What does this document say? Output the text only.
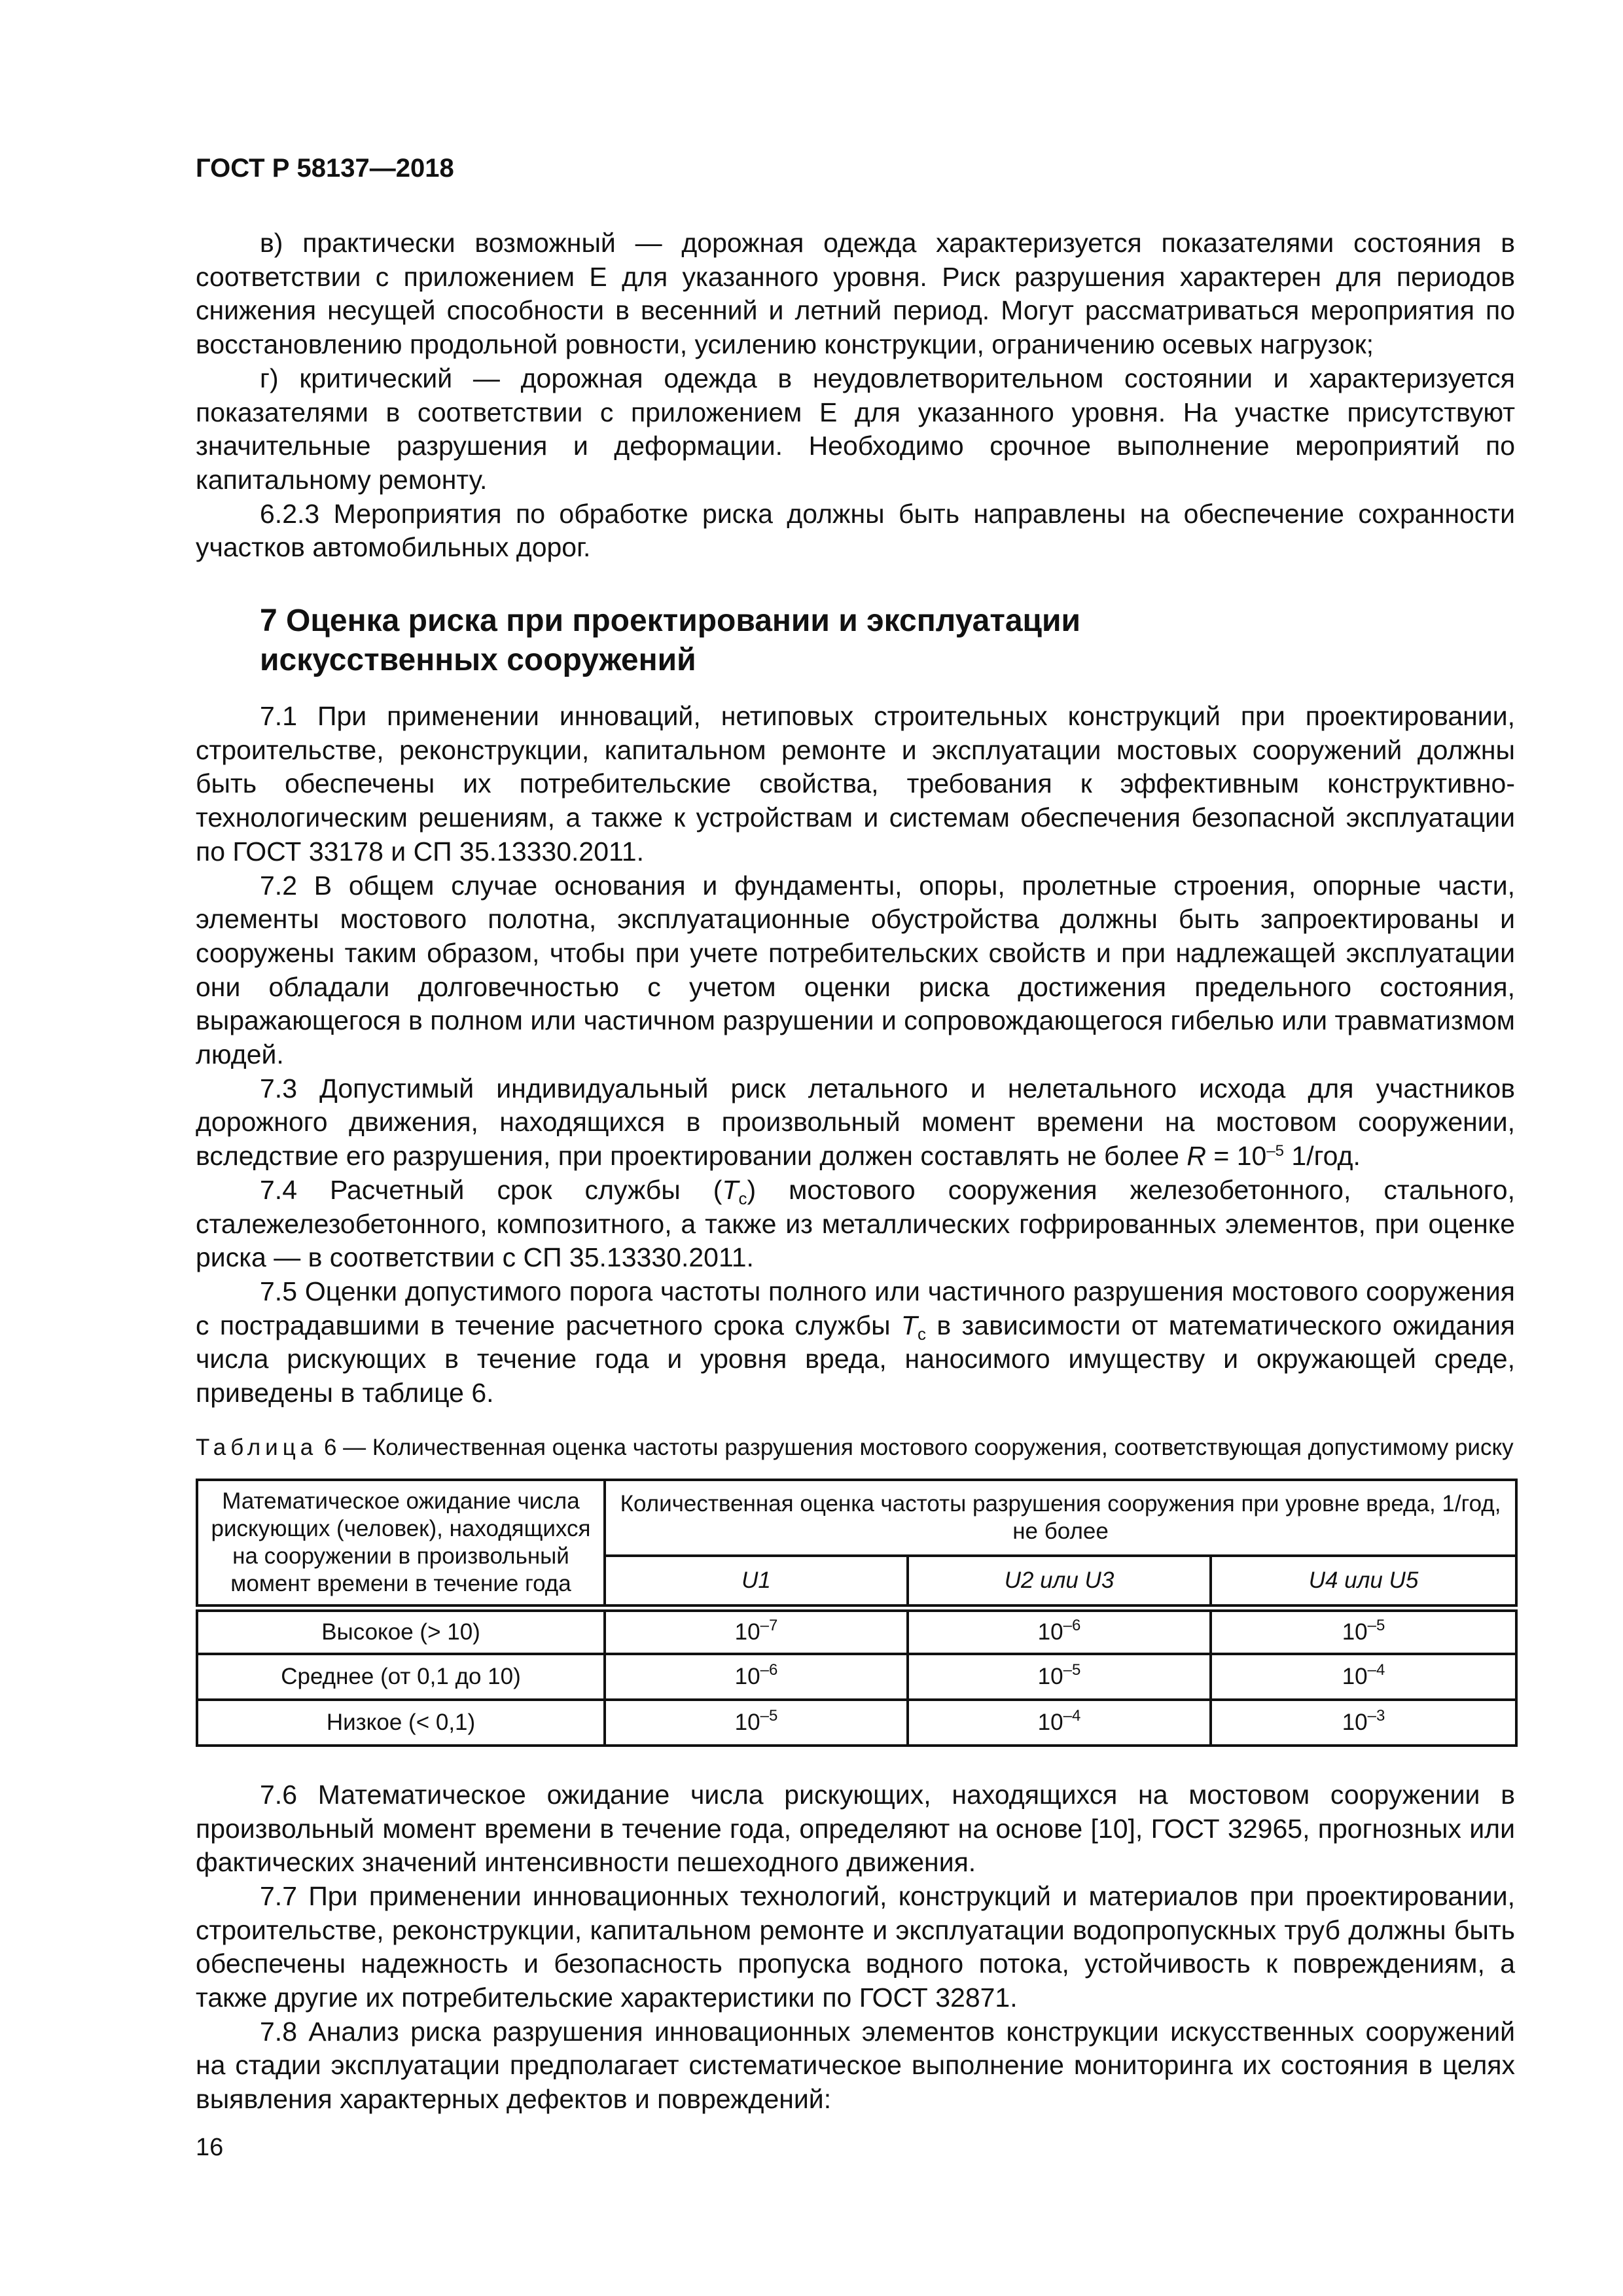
ГОСТ Р 58137—2018

в) практически возможный — дорожная одежда характеризуется показателями состояния в соответствии с приложением Е для указанного уровня. Риск разрушения характерен для периодов снижения несущей способности в весенний и летний период. Могут рассматриваться мероприятия по восстановлению продольной ровности, усилению конструкции, ограничению осевых нагрузок;

г) критический — дорожная одежда в неудовлетворительном состоянии и характеризуется показателями в соответствии с приложением Е для указанного уровня. На участке присутствуют значительные разрушения и деформации. Необходимо срочное выполнение мероприятий по капитальному ремонту.

6.2.3 Мероприятия по обработке риска должны быть направлены на обеспечение сохранности участков автомобильных дорог.

7 Оценка риска при проектировании и эксплуатации
искусственных сооружений

7.1 При применении инноваций, нетиповых строительных конструкций при проектировании, строительстве, реконструкции, капитальном ремонте и эксплуатации мостовых сооружений должны быть обеспечены их потребительские свойства, требования к эффективным конструктивно-технологическим решениям, а также к устройствам и системам обеспечения безопасной эксплуатации по ГОСТ 33178 и СП 35.13330.2011.

7.2 В общем случае основания и фундаменты, опоры, пролетные строения, опорные части, элементы мостового полотна, эксплуатационные обустройства должны быть запроектированы и сооружены таким образом, чтобы при учете потребительских свойств и при надлежащей эксплуатации они обладали долговечностью с учетом оценки риска достижения предельного состояния, выражающегося в полном или частичном разрушении и сопровождающегося гибелью или травматизмом людей.

7.3 Допустимый индивидуальный риск летального и нелетального исхода для участников дорожного движения, находящихся в произвольный момент времени на мостовом сооружении, вследствие его разрушения, при проектировании должен составлять не более $R = 10^{-5}$ 1/год.

7.4 Расчетный срок службы $(T_c)$ мостового сооружения железобетонного, стального, сталежелезобетонного, композитного, а также из металлических гофрированных элементов, при оценке риска — в соответствии с СП 35.13330.2011.

7.5 Оценки допустимого порога частоты полного или частичного разрушения мостового сооружения с пострадавшими в течение расчетного срока службы $T_c$ в зависимости от математического ожидания числа рискующих в течение года и уровня вреда, наносимого имуществу и окружающей среде, приведены в таблице 6.

Таблица 6 — Количественная оценка частоты разрушения мостового сооружения, соответствующая допустимому риску
Математическое ожидание числа рискующих (человек), находящихся на сооружении в произвольный момент времени в течение года	Количественная оценка частоты разрушения сооружения при уровне вреда, 1/год, не более		
	U1	U2 или U3	U4 или U5
Высокое (> 10)	$10^{-7}$	$10^{-6}$	$10^{-5}$
Среднее (от 0,1 до 10)	$10^{-6}$	$10^{-5}$	$10^{-4}$
Низкое (< 0,1)	$10^{-5}$	$10^{-4}$	$10^{-3}$

7.6 Математическое ожидание числа рискующих, находящихся на мостовом сооружении в произвольный момент времени в течение года, определяют на основе [10], ГОСТ 32965, прогнозных или фактических значений интенсивности пешеходного движения.

7.7 При применении инновационных технологий, конструкций и материалов при проектировании, строительстве, реконструкции, капитальном ремонте и эксплуатации водопропускных труб должны быть обеспечены надежность и безопасность пропуска водного потока, устойчивость к повреждениям, а также другие их потребительские характеристики по ГОСТ 32871.

7.8 Анализ риска разрушения инновационных элементов конструкции искусственных сооружений на стадии эксплуатации предполагает систематическое выполнение мониторинга их состояния в целях выявления характерных дефектов и повреждений:

16
